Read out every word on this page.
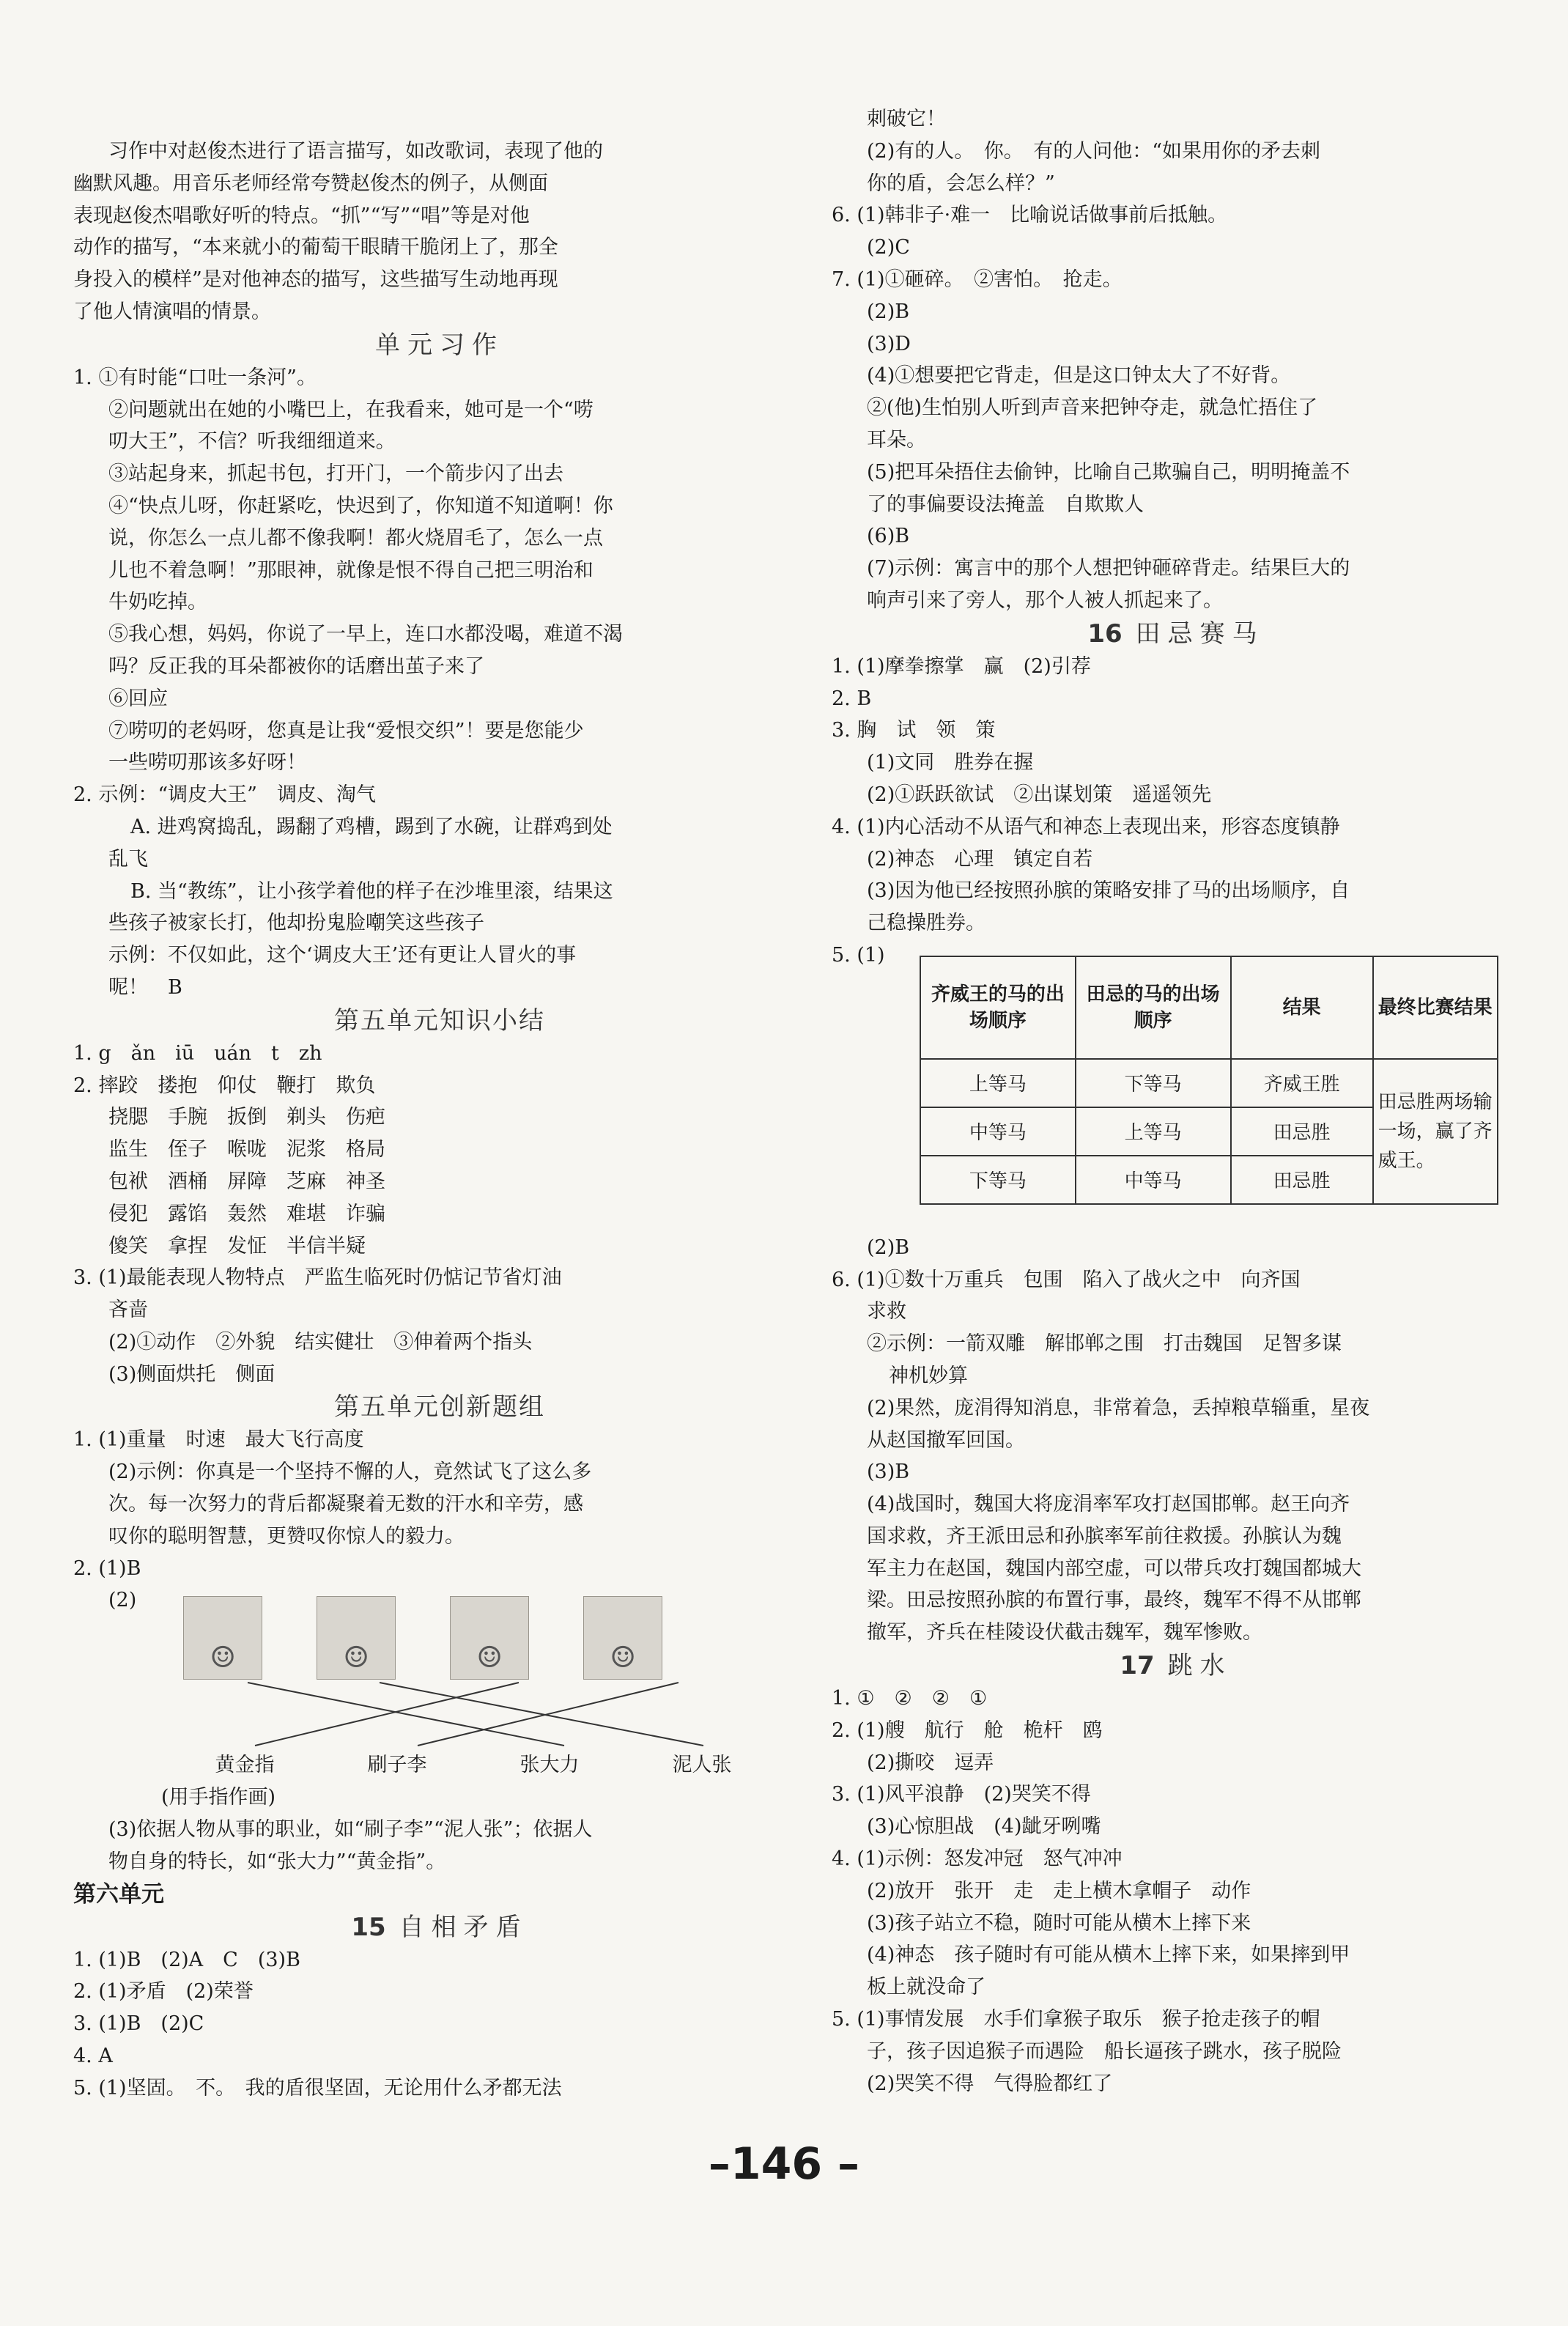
习作中对赵俊杰进行了语言描写，如改歌词，表现了他的
幽默风趣。用音乐老师经常夸赞赵俊杰的例子，从侧面
表现赵俊杰唱歌好听的特点。“抓”“写”“唱”等是对他
动作的描写，“本来就小的葡萄干眼睛干脆闭上了，那全
身投入的模样”是对他神态的描写，这些描写生动地再现
了他人情演唱的情景。
单元习作
1. ①有时能“口吐一条河”。
②问题就出在她的小嘴巴上，在我看来，她可是一个“唠
叨大王”，不信？听我细细道来。
③站起身来，抓起书包，打开门，一个箭步闪了出去
④“快点儿呀，你赶紧吃，快迟到了，你知道不知道啊！你
说，你怎么一点儿都不像我啊！都火烧眉毛了，怎么一点
儿也不着急啊！”那眼神，就像是恨不得自己把三明治和
牛奶吃掉。
⑤我心想，妈妈，你说了一早上，连口水都没喝，难道不渴
吗？反正我的耳朵都被你的话磨出茧子来了
⑥回应
⑦唠叨的老妈呀，您真是让我“爱恨交织”！要是您能少
一些唠叨那该多好呀！
2. 示例：“调皮大王”　调皮、淘气
A. 进鸡窝捣乱，踢翻了鸡槽，踢到了水碗，让群鸡到处
乱飞
B. 当“教练”，让小孩学着他的样子在沙堆里滚，结果这
些孩子被家长打，他却扮鬼脸嘲笑这些孩子
示例：不仅如此，这个‘调皮大王’还有更让人冒火的事
呢！　B
第五单元知识小结
1. g　ǎn　iū　uán　t　zh
2. 摔跤　搂抱　仰仗　鞭打　欺负
挠腮　手腕　扳倒　剃头　伤疤
监生　侄子　喉咙　泥浆　格局
包袱　酒桶　屏障　芝麻　神圣
侵犯　露馅　轰然　难堪　诈骗
傻笑　拿捏　发怔　半信半疑
3. (1)最能表现人物特点　严监生临死时仍惦记节省灯油
吝啬
(2)①动作　②外貌　结实健壮　③伸着两个指头
(3)侧面烘托　侧面
第五单元创新题组
1. (1)重量　时速　最大飞行高度
(2)示例：你真是一个坚持不懈的人，竟然试飞了这么多
次。每一次努力的背后都凝聚着无数的汗水和辛劳，感
叹你的聪明智慧，更赞叹你惊人的毅力。
2. (1)B
(2)
☺	☺	☺	☺
黄金指	刷子李	张大力	泥人张
(用手指作画)
(3)依据人物从事的职业，如“刷子李”“泥人张”；依据人
物自身的特长，如“张大力”“黄金指”。
第六单元
15 自相矛盾
1. (1)B　(2)A　C　(3)B
2. (1)矛盾　(2)荣誉
3. (1)B　(2)C
4. A
5. (1)坚固。　不。　我的盾很坚固，无论用什么矛都无法
刺破它！
(2)有的人。　你。　有的人问他：“如果用你的矛去刺
你的盾，会怎么样？”
6. (1)韩非子·难一　比喻说话做事前后抵触。
(2)C
7. (1)①砸碎。　②害怕。　抢走。
(2)B
(3)D
(4)①想要把它背走，但是这口钟太大了不好背。
②(他)生怕别人听到声音来把钟夺走，就急忙捂住了
耳朵。
(5)把耳朵捂住去偷钟，比喻自己欺骗自己，明明掩盖不
了的事偏要设法掩盖　自欺欺人
(6)B
(7)示例：寓言中的那个人想把钟砸碎背走。结果巨大的
响声引来了旁人，那个人被人抓起来了。
16 田忌赛马
1. (1)摩拳擦掌　赢　(2)引荐
2. B
3. 胸　试　领　策
(1)文同　胜券在握
(2)①跃跃欲试　②出谋划策　遥遥领先
4. (1)内心活动不从语气和神态上表现出来，形容态度镇静
(2)神态　心理　镇定自若
(3)因为他已经按照孙膑的策略安排了马的出场顺序，自
己稳操胜券。
5. (1)
齐威王的马的出场顺序	田忌的马的出场顺序	结果	最终比赛结果
上等马	下等马	齐威王胜	田忌胜两场输一场，赢了齐威王。
中等马	上等马	田忌胜	
下等马	中等马	田忌胜	
(2)B
6. (1)①数十万重兵　包围　陷入了战火之中　向齐国
求救
②示例：一箭双雕　解邯郸之围　打击魏国　足智多谋
神机妙算
(2)果然，庞涓得知消息，非常着急，丢掉粮草辎重，星夜
从赵国撤军回国。
(3)B
(4)战国时，魏国大将庞涓率军攻打赵国邯郸。赵王向齐
国求救，齐王派田忌和孙膑率军前往救援。孙膑认为魏
军主力在赵国，魏国内部空虚，可以带兵攻打魏国都城大
梁。田忌按照孙膑的布置行事，最终，魏军不得不从邯郸
撤军，齐兵在桂陵设伏截击魏军，魏军惨败。
17 跳水
1. ①　②　②　①
2. (1)艘　航行　舱　桅杆　鸥
(2)撕咬　逗弄
3. (1)风平浪静　(2)哭笑不得
(3)心惊胆战　(4)龇牙咧嘴
4. (1)示例：怒发冲冠　怒气冲冲
(2)放开　张开　走　走上横木拿帽子　动作
(3)孩子站立不稳，随时可能从横木上摔下来
(4)神态　孩子随时有可能从横木上摔下来，如果摔到甲
板上就没命了
5. (1)事情发展　水手们拿猴子取乐　猴子抢走孩子的帽
子，孩子因追猴子而遇险　船长逼孩子跳水，孩子脱险
(2)哭笑不得　气得脸都红了
–146 –
